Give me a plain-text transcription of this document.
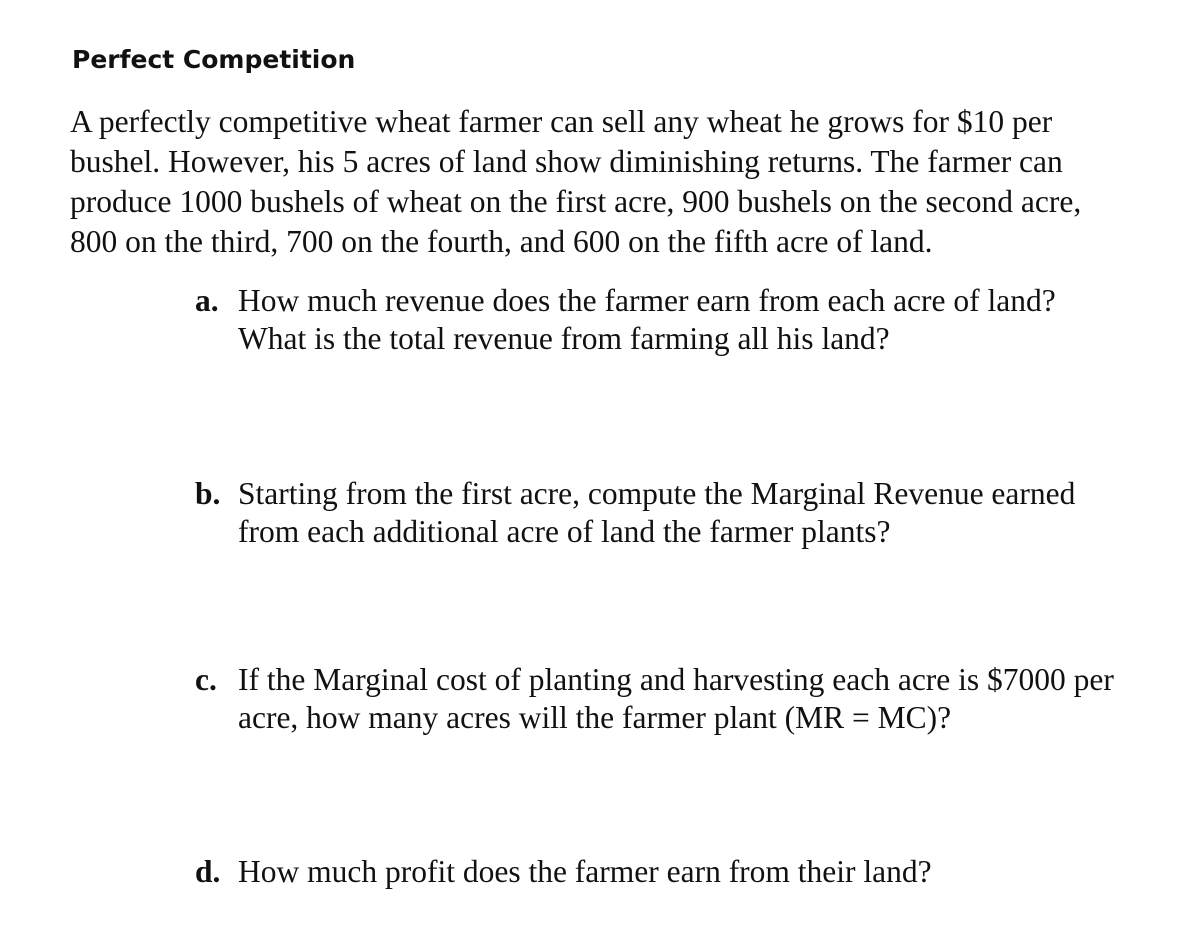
Perfect Competition

A perfectly competitive wheat farmer can sell any wheat he grows for $10 per
bushel. However, his 5 acres of land show diminishing returns. The farmer can
produce 1000 bushels of wheat on the first acre, 900 bushels on the second acre,
800 on the third, 700 on the fourth, and 600 on the fifth acre of land.

a. How much revenue does the farmer earn from each acre of land?
What is the total revenue from farming all his land?
b. Starting from the first acre, compute the Marginal Revenue earned
from each additional acre of land the farmer plants?
c. If the Marginal cost of planting and harvesting each acre is $7000 per
acre, how many acres will the farmer plant (MR = MC)?
d. How much profit does the farmer earn from their land?
